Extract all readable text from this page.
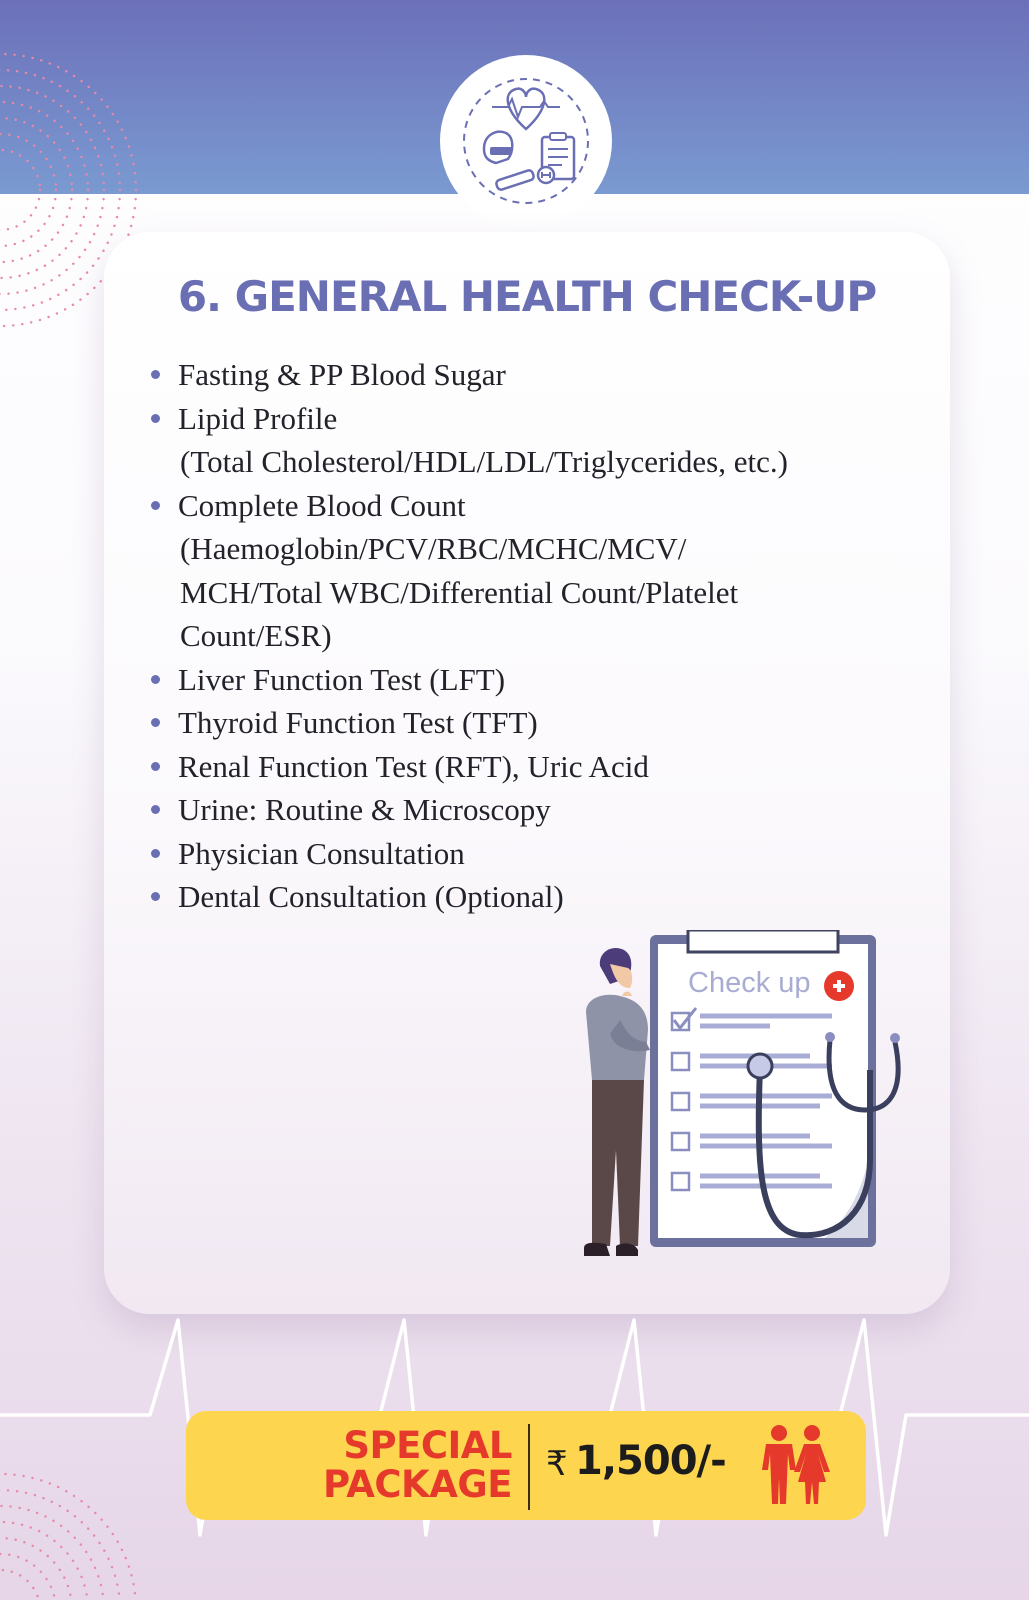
6. GENERAL HEALTH CHECK-UP
Fasting & PP Blood Sugar
Lipid Profile
(Total Cholesterol/HDL/LDL/Triglycerides, etc.)
Complete Blood Count
(Haemoglobin/PCV/RBC/MCHC/MCV/
MCH/Total WBC/Differential Count/Platelet
Count/ESR)
Liver Function Test (LFT)
Thyroid Function Test (TFT)
Renal Function Test (RFT), Uric Acid
Urine: Routine & Microscopy
Physician Consultation
Dental Consultation (Optional)
Check up
SPECIAL
PACKAGE ₹ 1,500/-
